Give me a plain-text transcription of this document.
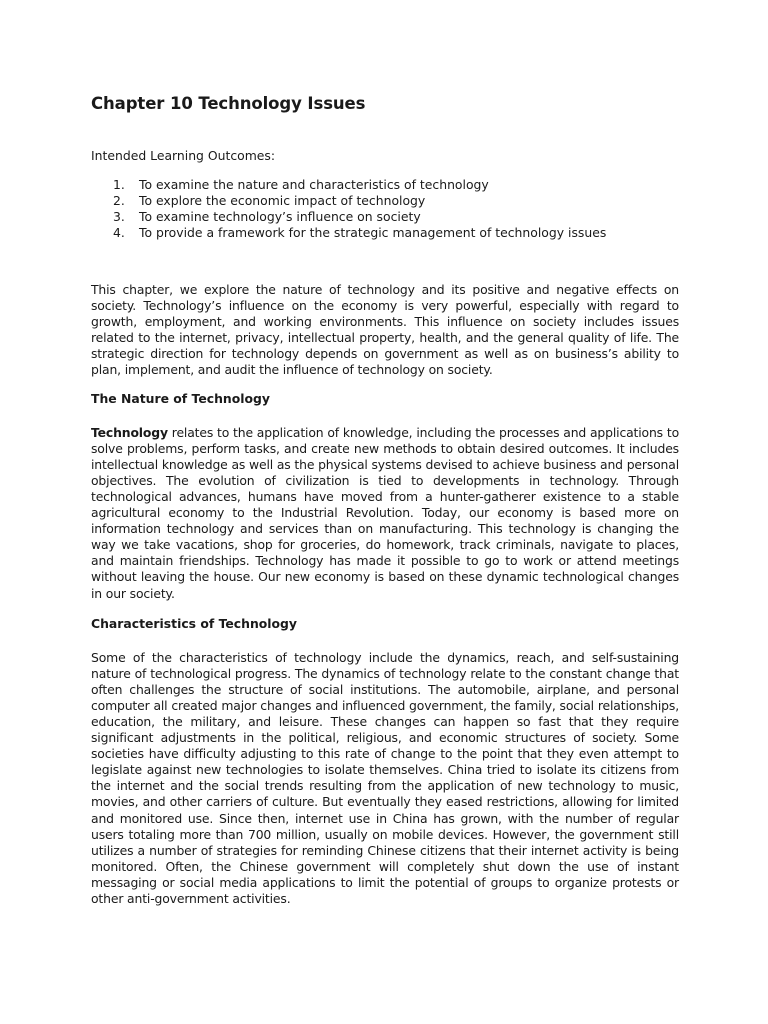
Chapter 10 Technology Issues

Intended Learning Outcomes:

1.	To examine the nature and characteristics of technology
2.	To explore the economic impact of technology
3.	To examine technology’s influence on society
4.	To provide a framework for the strategic management of technology issues

This chapter, we explore the nature of technology and its positive and negative effects on society. Technology’s influence on the economy is very powerful, especially with regard to growth, employment, and working environments. This influence on society includes issues related to the internet, privacy, intellectual property, health, and the general quality of life. The strategic direction for technology depends on government as well as on business’s ability to plan, implement, and audit the influence of technology on society.

The Nature of Technology

Technology relates to the application of knowledge, including the processes and applications to solve problems, perform tasks, and create new methods to obtain desired outcomes. It includes intellectual knowledge as well as the physical systems devised to achieve business and personal objectives. The evolution of civilization is tied to developments in technology. Through technological advances, humans have moved from a hunter-gatherer existence to a stable agricultural economy to the Industrial Revolution. Today, our economy is based more on information technology and services than on manufacturing. This technology is changing the way we take vacations, shop for groceries, do homework, track criminals, navigate to places, and maintain friendships. Technology has made it possible to go to work or attend meetings without leaving the house. Our new economy is based on these dynamic technological changes in our society.

Characteristics of Technology

Some of the characteristics of technology include the dynamics, reach, and self-sustaining nature of technological progress. The dynamics of technology relate to the constant change that often challenges the structure of social institutions. The automobile, airplane, and personal computer all created major changes and influenced government, the family, social relationships, education, the military, and leisure. These changes can happen so fast that they require significant adjustments in the political, religious, and economic structures of society. Some societies have difficulty adjusting to this rate of change to the point that they even attempt to legislate against new technologies to isolate themselves. China tried to isolate its citizens from the internet and the social trends resulting from the application of new technology to music, movies, and other carriers of culture. But eventually they eased restrictions, allowing for limited and monitored use. Since then, internet use in China has grown, with the number of regular users totaling more than 700 million, usually on mobile devices. However, the government still utilizes a number of strategies for reminding Chinese citizens that their internet activity is being monitored. Often, the Chinese government will completely shut down the use of instant messaging or social media applications to limit the potential of groups to organize protests or other anti-government activities.
